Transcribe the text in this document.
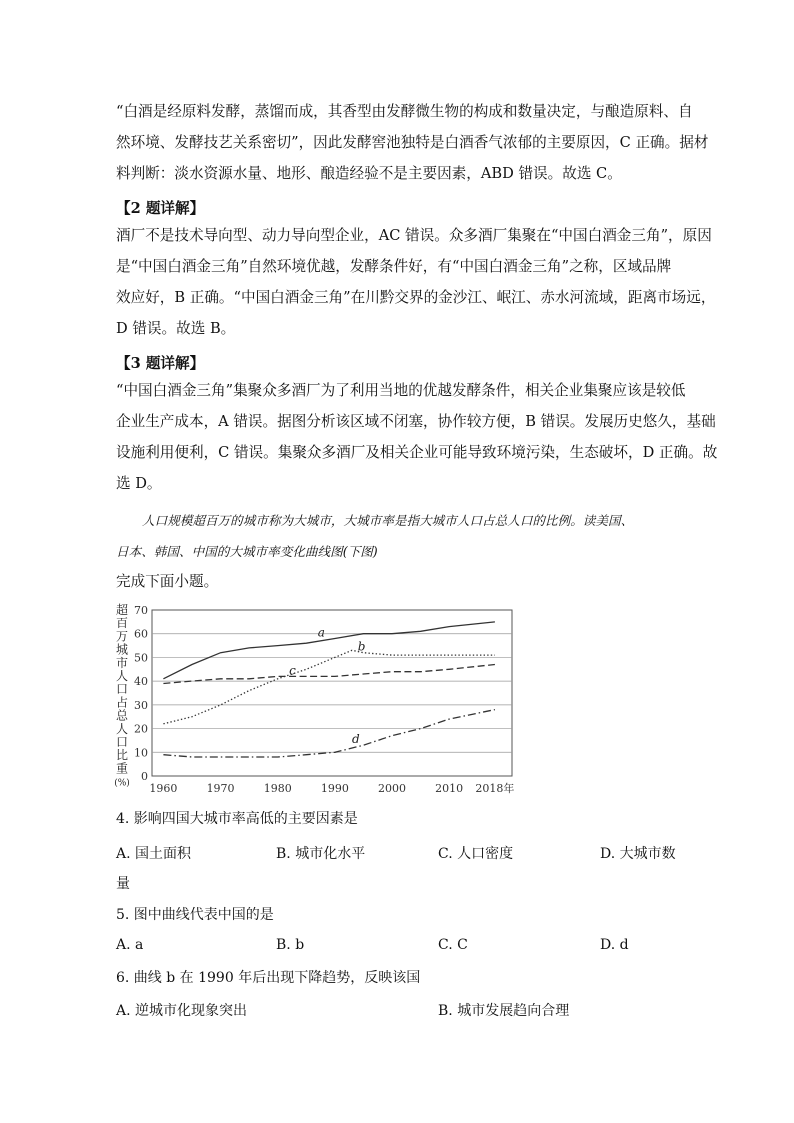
“白酒是经原料发酵，蒸馏而成，其香型由发酵微生物的构成和数量决定，与酿造原料、自
然环境、发酵技艺关系密切”，因此发酵窖池独特是白酒香气浓郁的主要原因，C 正确。据材
料判断：淡水资源水量、地形、酿造经验不是主要因素，ABD 错误。故选 C。

【2 题详解】

酒厂不是技术导向型、动力导向型企业，AC 错误。众多酒厂集聚在“中国白酒金三角”，原因
是“中国白酒金三角”自然环境优越，发酵条件好，有“中国白酒金三角”之称，区域品牌
效应好，B 正确。“中国白酒金三角”在川黔交界的金沙江、岷江、赤水河流域，距离市场远，
D 错误。故选 B。

【3 题详解】

“中国白酒金三角”集聚众多酒厂为了利用当地的优越发酵条件，相关企业集聚应该是较低
企业生产成本，A 错误。据图分析该区域不闭塞，协作较方便，B 错误。发展历史悠久，基础
设施利用便利，C 错误。集聚众多酒厂及相关企业可能导致环境污染，生态破坏，D 正确。故
选 D。

人口规模超百万的城市称为大城市，大城市率是指大城市人口占总人口的比例。读美国、
日本、韩国、中国的大城市率变化曲线图(下图)

完成下面小题。

超
百
万
城
市
人
口
占
总
人
口
比
重
(%)
0
10
20
30
40
50
60
70
1960	1970	1980	1990	2000	2010 2018年
a
b
c
d

4. 影响四国大城市率高低的主要因素是

A. 国土面积	B. 城市化水平	C. 人口密度	D. 大城市数
量

5. 图中曲线代表中国的是

A. a	B. b	C. C	D. d

6. 曲线 b 在 1990 年后出现下降趋势，反映该国

A. 逆城市化现象突出	B. 城市发展趋向合理
